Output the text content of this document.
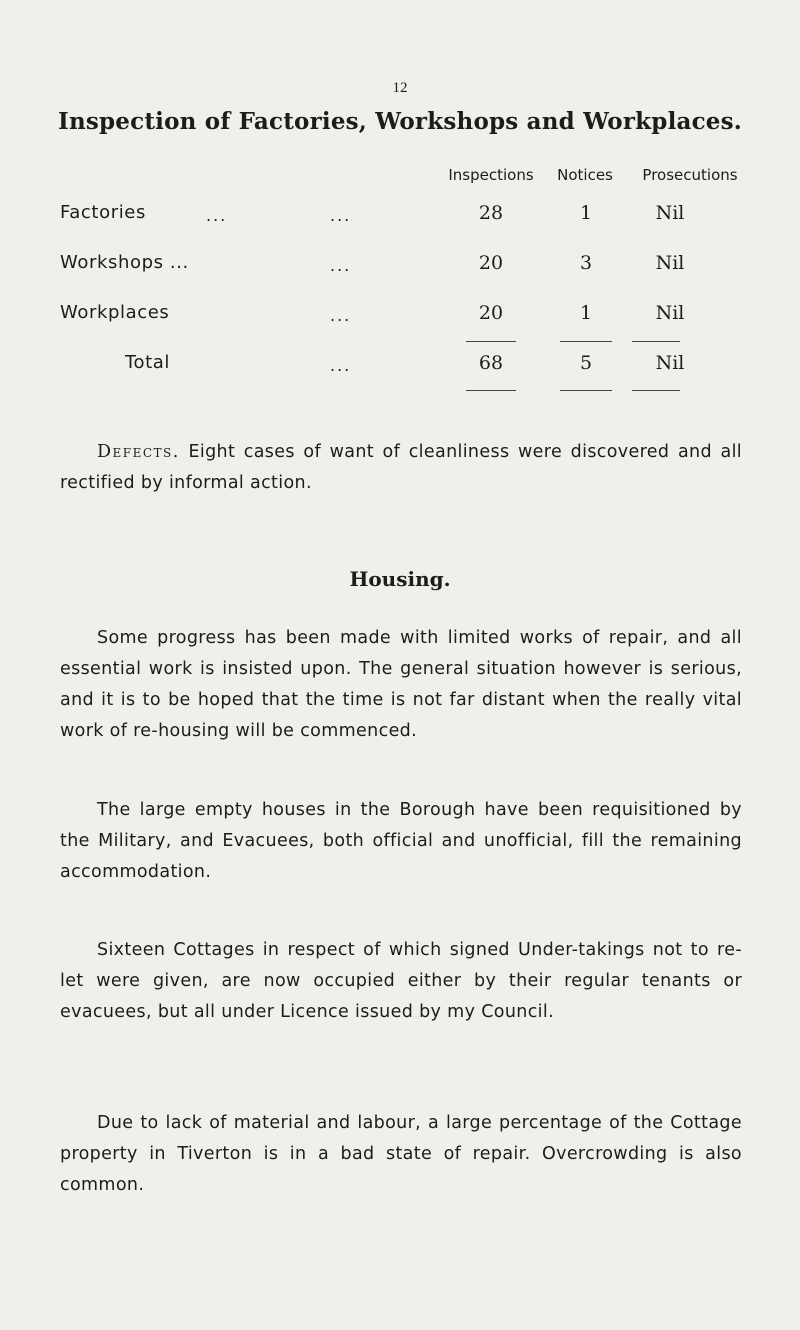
12
Inspection of Factories, Workshops and Workplaces.
Inspections	Notices	Prosecutions
Factories	...	...	28	1	Nil
Workshops ...	...	20	3	Nil
Workplaces	...	20	1	Nil
Total	...	68	5	Nil

Defects. Eight cases of want of cleanliness were discovered and all rectified by informal action.

Housing.

Some progress has been made with limited works of repair, and all essential work is insisted upon. The general situation however is serious, and it is to be hoped that the time is not far distant when the really vital work of re-housing will be commenced.

The large empty houses in the Borough have been requisitioned by the Military, and Evacuees, both official and unofficial, fill the remaining accommodation.

Sixteen Cottages in respect of which signed Under-takings not to re-let were given, are now occupied either by their regular tenants or evacuees, but all under Licence issued by my Council.

Due to lack of material and labour, a large percentage of the Cottage property in Tiverton is in a bad state of repair. Overcrowding is also common.
